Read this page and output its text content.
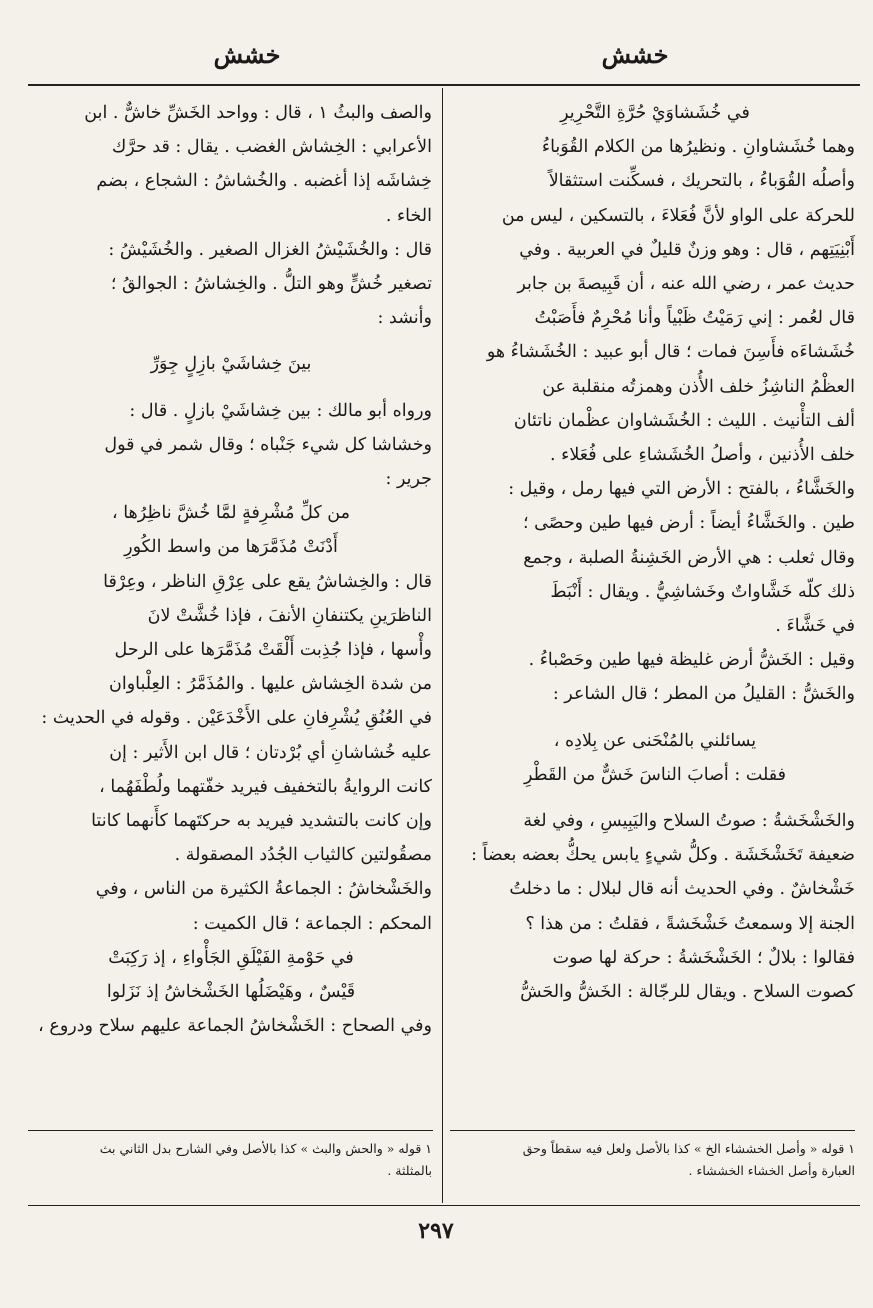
خشش
خشش

في خُشَشاوَيْ حُرَّةِ التَّحْرِيرِ

وهما خُشَشاوانِ . ونظيرُها من الكلام القُوَباءُ

وأصلُه القُوَباءُ ، بالتحريك ، فسكِّنت استثقالاً

للحركة على الواو لأنَّ فُعَلاءَ ، بالتسكين ، ليس من

أَبْنِيَتِهم ، قال : وهو وزنٌ قليلٌ في العربية . وفي

حديث عمر ، رضي الله عنه ، أن قَبِيصةَ بن جابر

قال لعُمر : إني رَمَيْتُ ظَبْياً وأنا مُحْرِمٌ فأَصَبْتُ

خُشَشاءَه فأَسِنَ فمات ؛ قال أبو عبيد : الخُشَشاءُ هو

العظْمُ الناشِزُ خلف الأُذن وهمزتُه منقلبة عن

ألف التأْنيث . الليث : الخُشَشاوان عظْمان ناتئان

خلف الأُذنين ، وأصلُ الخُشَشاءِ على فُعَلاء .

والخَشَّاءُ ، بالفتح : الأرض التي فيها رمل ، وقيل :

طين . والخَشَّاءُ أيضاً : أرض فيها طين وحصًى ؛

وقال ثعلب : هي الأرض الخَشِنةُ الصلبة ، وجمع

ذلك كلّه خَشَّاواتٌ وخَشاشِيُّ . ويقال : أَنْبَطَ

في خَشَّاءَ .

وقيل : الخَشُّ أرض غليظة فيها طين وحَصْباءُ .

والخَشُّ : القليلُ من المطر ؛ قال الشاعر :

يسائلني بالمُنْحَنى عن بِلادِه ،

فقلت : أصابَ الناسَ خَشٌّ من القَطْرِ

والخَشْخَشةُ : صوتُ السلاح واليَبِيسِ ، وفي لغة

ضعيفة تَخَشْخَشَة . وكلُّ شيءٍ يابس يحكُّ بعضه بعضاً :

خَشْخاشٌ . وفي الحديث أنه قال لبلال : ما دخلتُ

الجنة إلا وسمعتُ خَشْخَشةً ، فقلتُ : من هذا ؟

فقالوا : بلالٌ ؛ الخَشْخَشةُ : حركة لها صوت

كصوت السلاح . ويقال للرجّالة : الخَشُّ والحَشُّ

والصف والبثُ ١ ، قال : وواحد الخَشِّ خاشٌّ . ابن

الأعرابي : الخِشاش الغضب . يقال : قد حرَّك

خِشاشَه إذا أغضبه . والخُشاشُ : الشجاع ، بضم

الخاء .

قال : والخُشَيْشُ الغزال الصغير . والخُشَيْشُ :

تصغير خُشٍّ وهو التلُّ . والخِشاشُ : الجوالقُ ؛

وأنشد :

بينَ خِشاشَيْ بازِلٍ جِوَرِّ

ورواه أبو مالك : بين خِشاشَيْ بازلٍ . قال :

وخشاشا كل شيء جَنْباه ؛ وقال شمر في قول

جرير :

من كلِّ مُشْرِفةٍ لمَّا خُشَّ ناظِرُها ،

أَدْنَتْ مُذَمَّرَها من واسط الكُورِ

قال : والخِشاشُ يقع على عِرْقِ الناظر ، وعِرْقا

الناظرَينِ يكتنفانِ الأنفَ ، فإذا خُشَّتْ لانَ

وأْسها ، فإذا جُذِبت أَلْقَتْ مُذَمَّرَها على الرحل

من شدة الخِشاش عليها . والمُذَمَّرُ : العِلْباوان

في العُنُقِ يُشْرِفانِ على الأَخْدَعَيْن . وقوله في الحديث :

عليه خُشاشانِ أي بُرْدتان ؛ قال ابن الأَثير : إن

كانت الروايةُ بالتخفيف فيريد خفّتهما ولُطْفَهُما ،

وإن كانت بالتشديد فيريد به حركتَهما كأَنهما كانتا

مصقُولتين كالثياب الجُدُد المصقولة .

والخَشْخاشُ : الجماعةُ الكثيرة من الناس ، وفي

المحكم : الجماعة ؛ قال الكميت :

في حَوْمةِ الفَيْلَقِ الجَأْواءِ ، إذ رَكِبَتْ

قَيْسٌ ، وهَيْضَلُها الخَشْخاشُ إذ نَزَلوا

وفي الصحاح : الخَشْخاشُ الجماعة عليهم سلاح ودروع ،

١ قوله « وأصل الخششاء الخ » كذا بالأصل ولعل فيه سقطاً وحق
العبارة وأصل الخشاء الخششاء .
١ قوله « والحش والبث » كذا بالأصل وفي الشارح بدل الثاني بث
بالمثلثة .
٢٩٧
